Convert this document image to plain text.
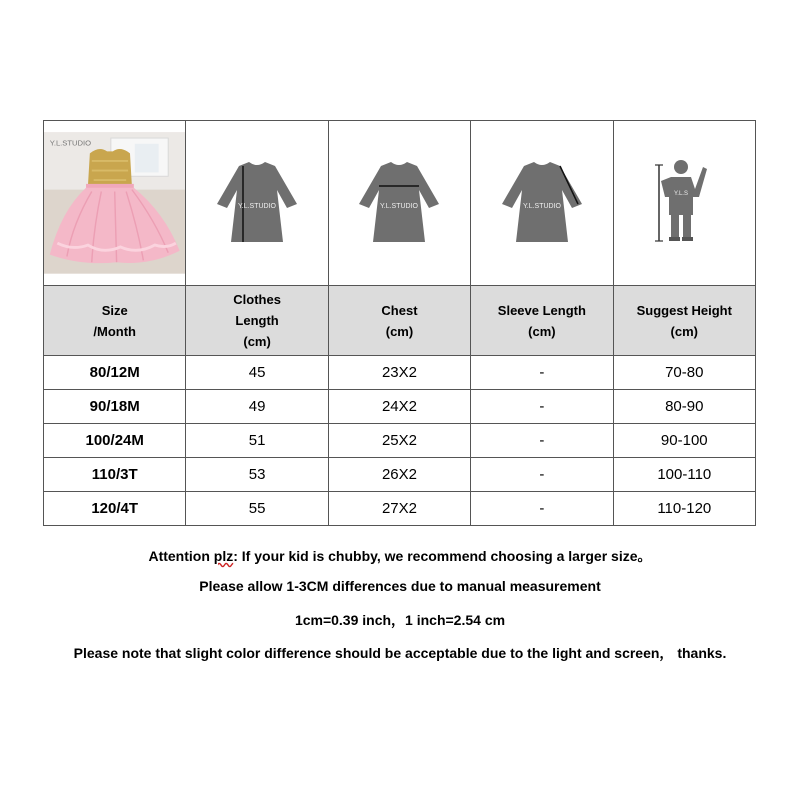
Y.L.STUDIO	Y.L.STUDIO	Y.L.STUDIO	Y.L.STUDIO	Y.L.S

Size
/Month	Clothes
Length
(cm)	Chest
(cm)	Sleeve Length
(cm)	Suggest Height
(cm)
80/12M	45	23X2	-	70-80
90/18M	49	24X2	-	80-90
100/24M	51	25X2	-	90-100
110/3T	53	26X2	-	100-110
120/4T	55	27X2	-	110-120
Attention plz: If your kid is chubby, we recommend choosing a larger size。
Please allow 1-3CM differences due to manual measurement
1cm=0.39 inch，1 inch=2.54 cm
Please note that slight color difference should be acceptable due to the light and screen， thanks.
